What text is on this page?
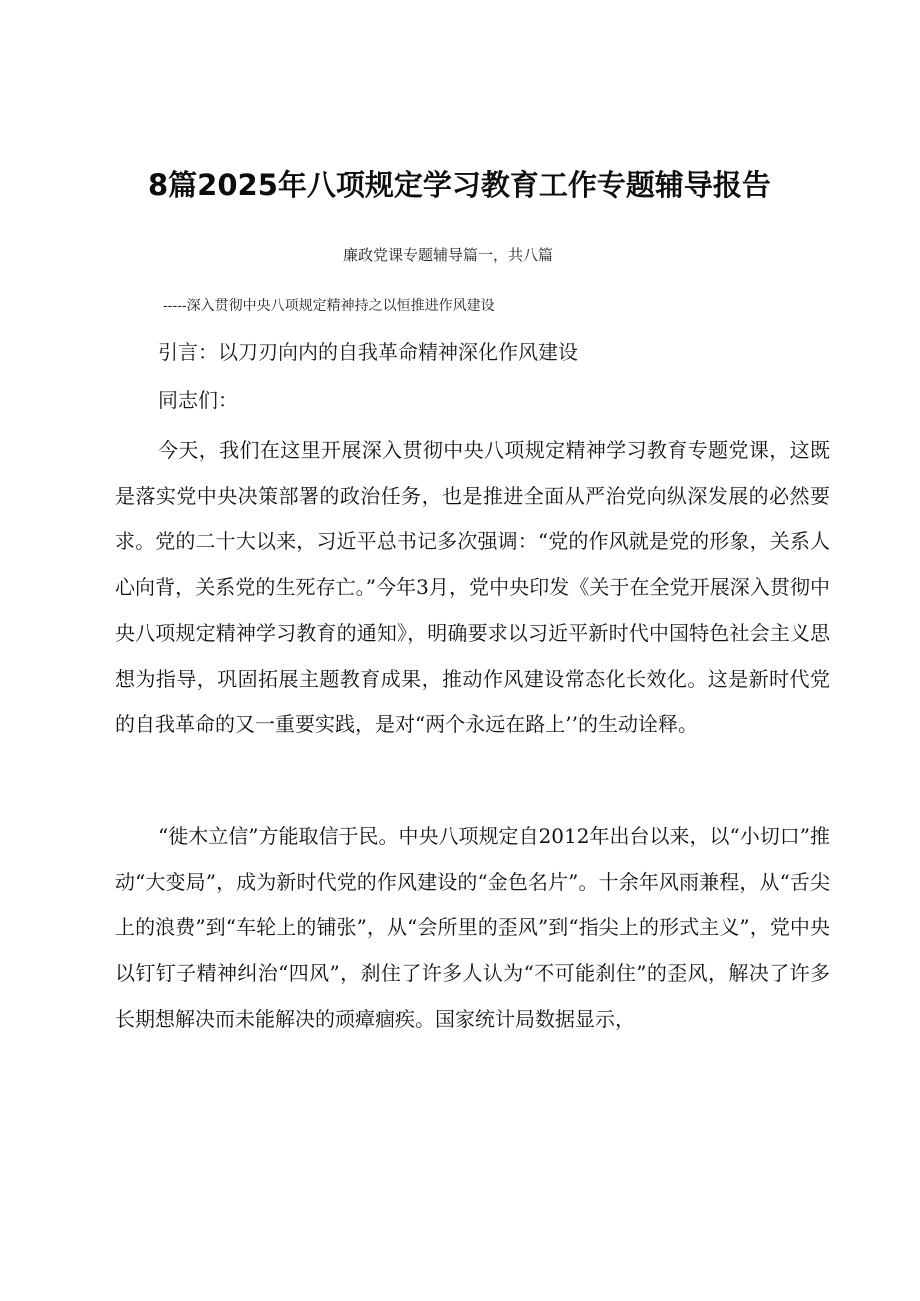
8篇2025年八项规定学习教育工作专题辅导报告
廉政党课专题辅导篇一，共八篇
-----深入贯彻中央八项规定精神持之以恒推进作风建设
引言：以刀刃向内的自我革命精神深化作风建设
同志们：
今天，我们在这里开展深入贯彻中央八项规定精神学习教育专题党课，这既是落实党中央决策部署的政治任务，也是推进全面从严治党向纵深发展的必然要求。党的二十大以来，习近平总书记多次强调：“党的作风就是党的形象，关系人心向背，关系党的生死存亡。”今年3月，党中央印发《关于在全党开展深入贯彻中央八项规定精神学习教育的通知》，明确要求以习近平新时代中国特色社会主义思想为指导，巩固拓展主题教育成果，推动作风建设常态化长效化。这是新时代党的自我革命的又一重要实践，是对“两个永远在路上’’的生动诠释。
“徙木立信”方能取信于民。中央八项规定自2012年出台以来，以“小切口”推动“大变局”，成为新时代党的作风建设的“金色名片”。十余年风雨兼程，从“舌尖上的浪费”到“车轮上的铺张”，从“会所里的歪风”到“指尖上的形式主义”，党中央以钉钉子精神纠治“四风”，刹住了许多人认为“不可能刹住”的歪风，解决了许多长期想解决而未能解决的顽瘴痼疾。国家统计局数据显示，
